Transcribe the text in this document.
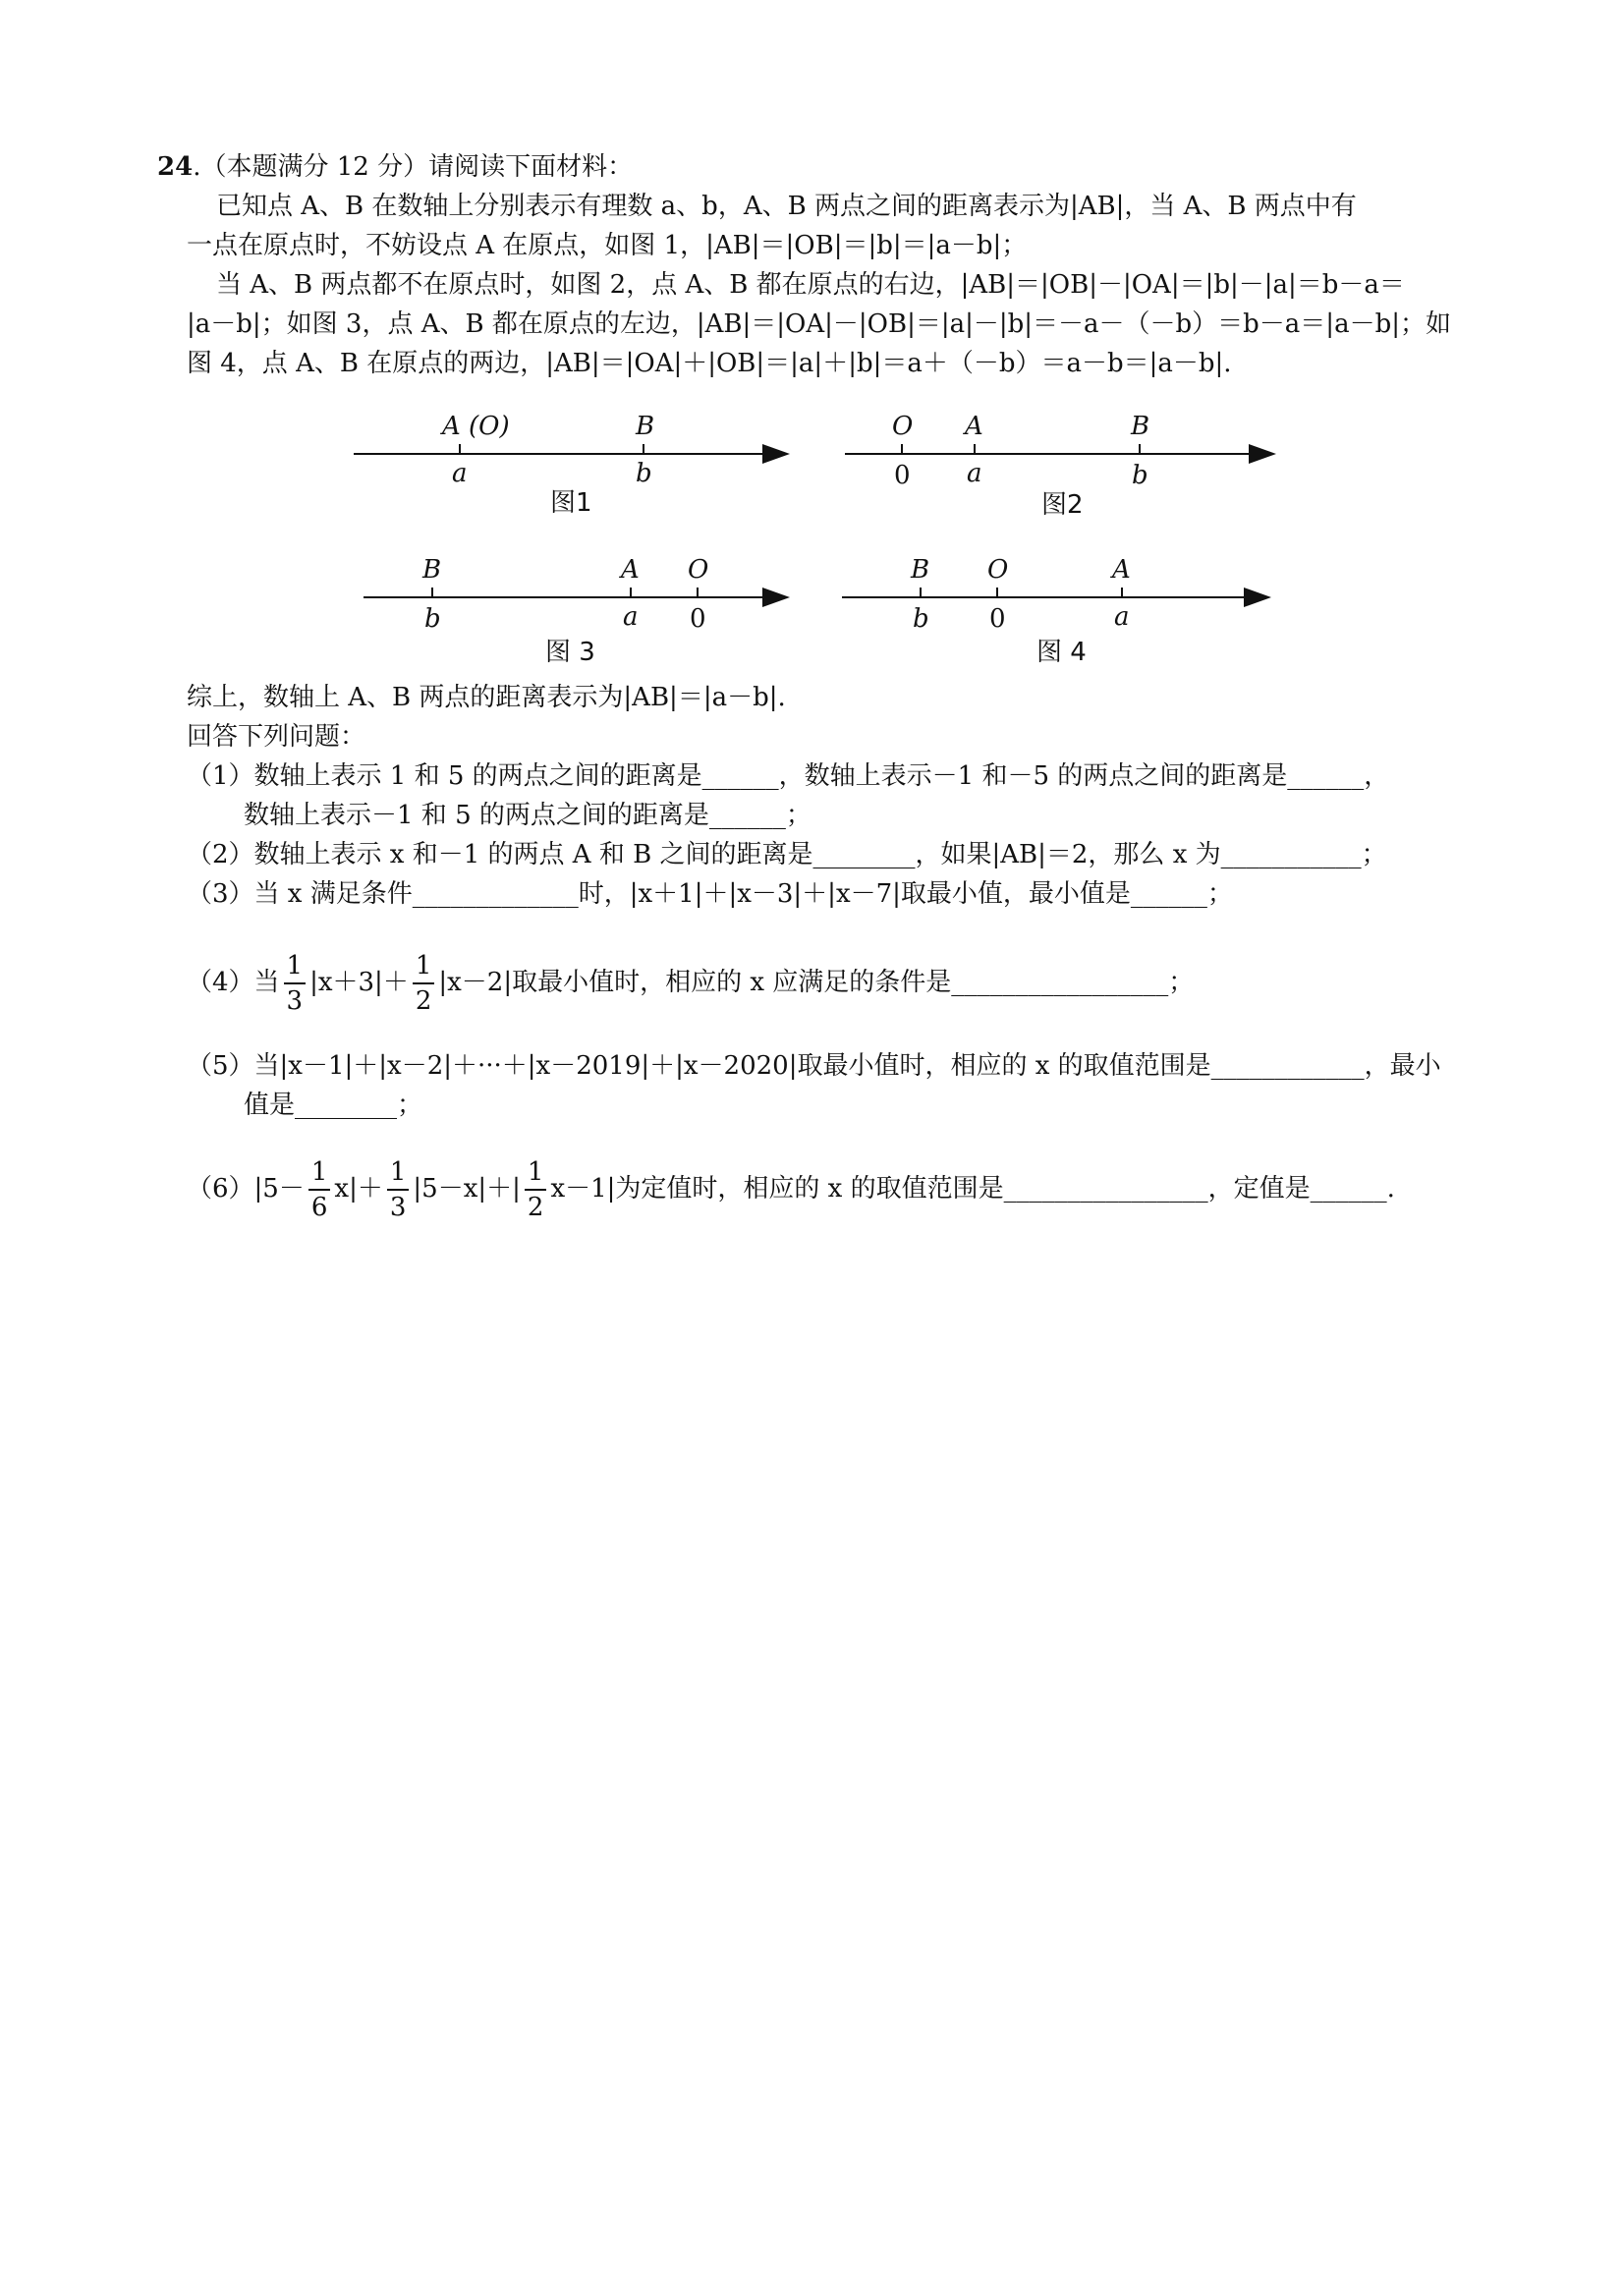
24.（本题满分 12 分）请阅读下面材料：
已知点 A、B 在数轴上分别表示有理数 a、b，A、B 两点之间的距离表示为|AB|，当 A、B 两点中有
一点在原点时，不妨设点 A 在原点，如图 1，|AB|＝|OB|＝|b|＝|a－b|；
当 A、B 两点都不在原点时，如图 2，点 A、B 都在原点的右边，|AB|＝|OB|－|OA|＝|b|－|a|＝b－a＝
|a－b|；如图 3，点 A、B 都在原点的左边，|AB|＝|OA|－|OB|＝|a|－|b|＝－a－（－b）＝b－a＝|a－b|；如
图 4，点 A、B 在原点的两边，|AB|＝|OA|＋|OB|＝|a|＋|b|＝a＋（－b）＝a－b＝|a－b|.
A (O)	B
a	b
图1
O A	B
0 a	b
图2
B	A O
b	a 0
图 3
B O	A
b 0	a
图 4
综上，数轴上 A、B 两点的距离表示为|AB|＝|a－b|.
回答下列问题：
（1）数轴上表示 1 和 5 的两点之间的距离是______，数轴上表示－1 和－5 的两点之间的距离是______，
数轴上表示－1 和 5 的两点之间的距离是______；
（2）数轴上表示 x 和－1 的两点 A 和 B 之间的距离是________，如果|AB|＝2，那么 x 为___________；
（3）当 x 满足条件_____________时，|x＋1|＋|x－3|＋|x－7|取最小值，最小值是______；
（4）当 $\frac{1}{3} |x+3|+ \frac{1}{2} |x-2|$取最小值时，相应的 x 应满足的条件是_________________；
（5）当|x－1|＋|x－2|＋···＋|x－2019|＋|x－2020|取最小值时，相应的 x 的取值范围是____________，最小
值是________；
$(6)|5- \frac{1}{6} x|+ \frac{1}{3} |5-x|+| \frac{1}{2} x-1|$为定值时，相应的 x 的取值范围是________________，定值是______.
